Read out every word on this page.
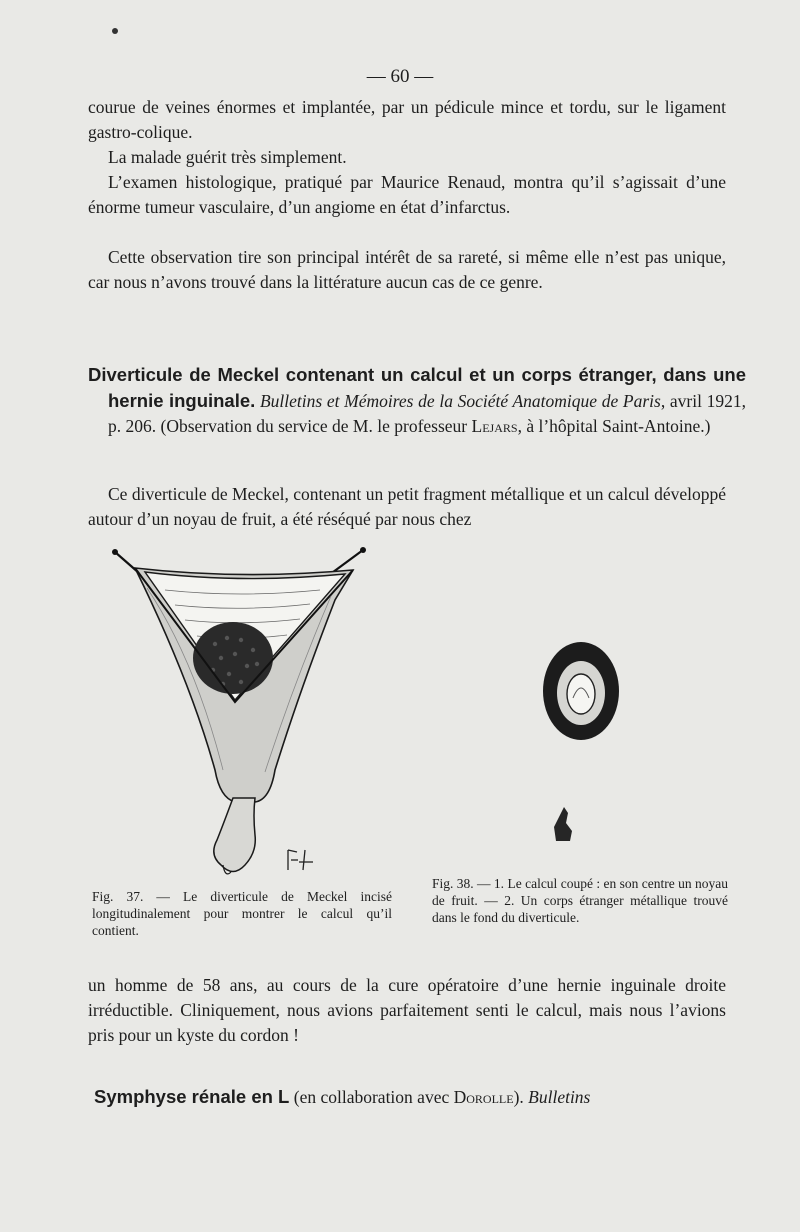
— 60 —

courue de veines énormes et implantée, par un pédicule mince et tordu, sur le ligament gastro-colique.

La malade guérit très simplement.

L’examen histologique, pratiqué par Maurice Renaud, montra qu’il s’agissait d’une énorme tumeur vasculaire, d’un angiome en état d’infarctus.

Cette observation tire son principal intérêt de sa rareté, si même elle n’est pas unique, car nous n’avons trouvé dans la littérature aucun cas de ce genre.

Diverticule de Meckel contenant un calcul et un corps étranger, dans une hernie inguinale. Bulletins et Mémoires de la Société Anatomique de Paris, avril 1921, p. 206. (Observation du service de M. le professeur Lejars, à l’hôpital Saint-Antoine.)

Ce diverticule de Meckel, contenant un petit fragment métallique et un calcul développé autour d’un noyau de fruit, a été réséqué par nous chez

Fig. 37. — Le diverticule de Meckel incisé longitudinalement pour montrer le calcul qu’il contient.

Fig. 38. — 1. Le calcul coupé : en son centre un noyau de fruit. — 2. Un corps étranger métallique trouvé dans le fond du diverticule.

un homme de 58 ans, au cours de la cure opératoire d’une hernie inguinale droite irréductible. Cliniquement, nous avions parfaitement senti le calcul, mais nous l’avions pris pour un kyste du cordon !

Symphyse rénale en L (en collaboration avec Dorolle). Bulletins
